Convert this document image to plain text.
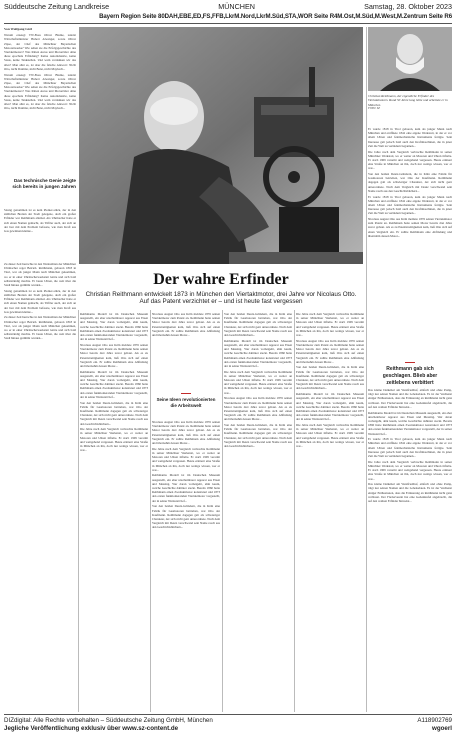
Süddeutsche Zeitung Landkreise	MÜNCHEN	Samstag, 28. Oktober 2023
Bayern Region Seite 80DAH,EBE,ED,FS,FFB,LkrM.Nord,LkrM.Süd,STA,WOR Seite R4M.Ost,M.Süd,M.West,M.Zentrum Seite R6

Von Wolfgang Görl

Warum erzeugt VW-Boss Oliver Blume, zuletzt Wirtschaftsminister Hubert Aiwanger, sowie Oliver Zipse, der Chef des Münchner Bayerischen Motorenwerke? Wie sehen sie die Erfolgsgeschichte des Viertaktmotors? Was hätten Autos und Motorräder ohne diese epochale Erfindung? Keine Autoindustrie, keine Staus, keine Tankstellen. Und wem verdanken wir das alles? Man ahnt es, ist aber die falsche Antwort: Nicht Otto, nicht Daimler, nicht Benz, nicht Maybach...

Warum erzeugt VW-Boss Oliver Blume, zuletzt Wirtschaftsminister Hubert Aiwanger, sowie Oliver Zipse, der Chef des Münchner Bayerischen Motorenwerke? Wie sehen sie die Erfolgsgeschichte des Viertaktmotors? Was hätten Autos und Motorräder ohne diese epochale Erfindung? Keine Autoindustrie, keine Staus, keine Tankstellen. Und wem verdanken wir das alles? Man ahnt es, ist aber die falsche Antwort: Nicht Otto, nicht Daimler, nicht Benz, nicht Maybach...

Das technische Genie zeigte sich bereits in jungen Jahren

Streng genommen ist es kein Pionier-stück, der in den südlichen Breiten der Stadt gelegene, doch ein großer Erfinder war Reithmann allemal. Als Uhrmacher hatte er sich einen Namen gemacht, als Tüftler auch, der sich an der Isar mit dem Problem befasste, wie man Kraft aus Gas gewinnen könnte...

Zu dieser Zeit herrschte in den Werkstätten der Münchner Uhrmacher reger Betrieb. Reithmann, geboren 1818 in Tirol, war als junger Mann nach München gekommen, wo er in einer Uhrmacherwerkstatt lernte und sich bald selbstständig machte. Er baute Uhren, die weit über die Stadt hinaus gerühmt wurden...

Streng genommen ist es kein Pionier-stück, der in den südlichen Breiten der Stadt gelegene, doch ein großer Erfinder war Reithmann allemal. Als Uhrmacher hatte er sich einen Namen gemacht, als Tüftler auch, der sich an der Isar mit dem Problem befasste, wie man Kraft aus Gas gewinnen könnte...

Zu dieser Zeit herrschte in den Werkstätten der Münchner Uhrmacher reger Betrieb. Reithmann, geboren 1818 in Tirol, war als junger Mann nach München gekommen, wo er in einer Uhrmacherwerkstatt lernte und sich bald selbstständig machte. Er baute Uhren, die weit über die Stadt hinaus gerühmt wurden...

Der wahre Erfinder
Christian Reithmann entwickelt 1873 in München den Viertaktmotor, drei Jahre vor Nicolaus Otto.
Auf das Patent verzichtet er – und ist heute fast vergessen

Reithmanns Modell ist im Deutschen Museum ausgestellt, ein eher unscheinbarer Apparat aus Eisen und Messing. Wer daran vorbeigeht, ahnt kaum, welche Geschichte dahinter steckt. Bereits 1860 hatte Reithmann einen Zweitaktmotor konstruiert und 1873 den ersten funktionierenden Viertaktmotor vorgestellt, der in seiner Werkstatt lief...

Nicolaus August Otto aus Köln meldete 1876 seinen Viertaktmotor zum Patent an. Reithmann hatte seinen Motor bereits drei Jahre zuvor gebaut. Als es zu Patentstreitigkeiten kam, ließ Otto sich auf einen Vergleich ein. Er zahlte Reithmann eine Abfindung und übernahm dessen Motor...

Reithmanns Modell ist im Deutschen Museum ausgestellt, ein eher unscheinbarer Apparat aus Eisen und Messing. Wer daran vorbeigeht, ahnt kaum, welche Geschichte dahinter steckt. Bereits 1860 hatte Reithmann einen Zweitaktmotor konstruiert und 1873 den ersten funktionierenden Viertaktmotor vorgestellt, der in seiner Werkstatt lief...

Von den beiden Deutz-Gründern, die in Köln eine Fabrik für Gasmotoren betrieben, war Otto der Kaufmann. Reithmann dagegen galt als schwieriger Charakter, der sich nicht gern unterordnete. Nach dem Vergleich mit Deutz verschwand sein Name rasch aus den Geschichtsbüchern...

Die Jahre nach dem Vergleich verbrachte Reithmann in seiner Münchner Werkstatt, wo er weiter an Motoren und Uhren tüftelte. Er starb 1909 verarmt und weitgehend vergessen. Heute erinnert eine Straße in München an ihn, doch nur wenige wissen, wer er war...

Nicolaus August Otto aus Köln meldete 1876 seinen Viertaktmotor zum Patent an. Reithmann hatte seinen Motor bereits drei Jahre zuvor gebaut. Als es zu Patentstreitigkeiten kam, ließ Otto sich auf einen Vergleich ein. Er zahlte Reithmann eine Abfindung und übernahm dessen Motor...

Seine Ideen revolutionierten die Arbeitswelt

Nicolaus August Otto aus Köln meldete 1876 seinen Viertaktmotor zum Patent an. Reithmann hatte seinen Motor bereits drei Jahre zuvor gebaut. Als es zu Patentstreitigkeiten kam, ließ Otto sich auf einen Vergleich ein. Er zahlte Reithmann eine Abfindung und übernahm dessen Motor...

Die Jahre nach dem Vergleich verbrachte Reithmann in seiner Münchner Werkstatt, wo er weiter an Motoren und Uhren tüftelte. Er starb 1909 verarmt und weitgehend vergessen. Heute erinnert eine Straße in München an ihn, doch nur wenige wissen, wer er war...

Reithmanns Modell ist im Deutschen Museum ausgestellt, ein eher unscheinbarer Apparat aus Eisen und Messing. Wer daran vorbeigeht, ahnt kaum, welche Geschichte dahinter steckt. Bereits 1860 hatte Reithmann einen Zweitaktmotor konstruiert und 1873 den ersten funktionierenden Viertaktmotor vorgestellt, der in seiner Werkstatt lief...

Von den beiden Deutz-Gründern, die in Köln eine Fabrik für Gasmotoren betrieben, war Otto der Kaufmann. Reithmann dagegen galt als schwieriger Charakter, der sich nicht gern unterordnete. Nach dem Vergleich mit Deutz verschwand sein Name rasch aus den Geschichtsbüchern...

Von den beiden Deutz-Gründern, die in Köln eine Fabrik für Gasmotoren betrieben, war Otto der Kaufmann. Reithmann dagegen galt als schwieriger Charakter, der sich nicht gern unterordnete. Nach dem Vergleich mit Deutz verschwand sein Name rasch aus den Geschichtsbüchern...

Reithmanns Modell ist im Deutschen Museum ausgestellt, ein eher unscheinbarer Apparat aus Eisen und Messing. Wer daran vorbeigeht, ahnt kaum, welche Geschichte dahinter steckt. Bereits 1860 hatte Reithmann einen Zweitaktmotor konstruiert und 1873 den ersten funktionierenden Viertaktmotor vorgestellt, der in seiner Werkstatt lief...

Die Jahre nach dem Vergleich verbrachte Reithmann in seiner Münchner Werkstatt, wo er weiter an Motoren und Uhren tüftelte. Er starb 1909 verarmt und weitgehend vergessen. Heute erinnert eine Straße in München an ihn, doch nur wenige wissen, wer er war...

Nicolaus August Otto aus Köln meldete 1876 seinen Viertaktmotor zum Patent an. Reithmann hatte seinen Motor bereits drei Jahre zuvor gebaut. Als es zu Patentstreitigkeiten kam, ließ Otto sich auf einen Vergleich ein. Er zahlte Reithmann eine Abfindung und übernahm dessen Motor...

Von den beiden Deutz-Gründern, die in Köln eine Fabrik für Gasmotoren betrieben, war Otto der Kaufmann. Reithmann dagegen galt als schwieriger Charakter, der sich nicht gern unterordnete. Nach dem Vergleich mit Deutz verschwand sein Name rasch aus den Geschichtsbüchern...

Die Jahre nach dem Vergleich verbrachte Reithmann in seiner Münchner Werkstatt, wo er weiter an Motoren und Uhren tüftelte. Er starb 1909 verarmt und weitgehend vergessen. Heute erinnert eine Straße in München an ihn, doch nur wenige wissen, wer er war...

Nicolaus August Otto aus Köln meldete 1876 seinen Viertaktmotor zum Patent an. Reithmann hatte seinen Motor bereits drei Jahre zuvor gebaut. Als es zu Patentstreitigkeiten kam, ließ Otto sich auf einen Vergleich ein. Er zahlte Reithmann eine Abfindung und übernahm dessen Motor...

Von den beiden Deutz-Gründern, die in Köln eine Fabrik für Gasmotoren betrieben, war Otto der Kaufmann. Reithmann dagegen galt als schwieriger Charakter, der sich nicht gern unterordnete. Nach dem Vergleich mit Deutz verschwand sein Name rasch aus den Geschichtsbüchern...

Reithmanns Modell ist im Deutschen Museum ausgestellt, ein eher unscheinbarer Apparat aus Eisen und Messing. Wer daran vorbeigeht, ahnt kaum, welche Geschichte dahinter steckt. Bereits 1860 hatte Reithmann einen Zweitaktmotor konstruiert und 1873 den ersten funktionierenden Viertaktmotor vorgestellt, der in seiner Werkstatt lief...

Die Jahre nach dem Vergleich verbrachte Reithmann in seiner Münchner Werkstatt, wo er weiter an Motoren und Uhren tüftelte. Er starb 1909 verarmt und weitgehend vergessen. Heute erinnert eine Straße in München an ihn, doch nur wenige wissen, wer er war...

Christian Reithmann, der eigentliche Erfinder des Viertaktmotors. Rund 50 Jahre lang lebte und arbeitete er in München.

FOTO: SZ

Er wurde 1818 in Tirol geboren, kam als junger Mann nach München und eröffnete 1842 eine eigene Werkstatt, in der er vor allem Uhren und feinmechanische Instrumente fertigte. Sein Interesse galt jedoch bald auch den Kraftmaschinen, die in jener Zeit die Welt zu verändern begannen...

Die Jahre nach dem Vergleich verbrachte Reithmann in seiner Münchner Werkstatt, wo er weiter an Motoren und Uhren tüftelte. Er starb 1909 verarmt und weitgehend vergessen. Heute erinnert eine Straße in München an ihn, doch nur wenige wissen, wer er war...

Von den beiden Deutz-Gründern, die in Köln eine Fabrik für Gasmotoren betrieben, war Otto der Kaufmann. Reithmann dagegen galt als schwieriger Charakter, der sich nicht gern unterordnete. Nach dem Vergleich mit Deutz verschwand sein Name rasch aus den Geschichtsbüchern...

Er wurde 1818 in Tirol geboren, kam als junger Mann nach München und eröffnete 1842 eine eigene Werkstatt, in der er vor allem Uhren und feinmechanische Instrumente fertigte. Sein Interesse galt jedoch bald auch den Kraftmaschinen, die in jener Zeit die Welt zu verändern begannen...

Nicolaus August Otto aus Köln meldete 1876 seinen Viertaktmotor zum Patent an. Reithmann hatte seinen Motor bereits drei Jahre zuvor gebaut. Als es zu Patentstreitigkeiten kam, ließ Otto sich auf einen Vergleich ein. Er zahlte Reithmann eine Abfindung und übernahm dessen Motor...

Reithmann gab sich geschlagen. Blieb aber zeitlebens verbittert

Das kleine Denkmal am Westfriedhof, einfach und ohne Pomp, trägt nur seinen Namen und die Lebensdaten. Es ist der Verdienst einiger Enthusiasten, dass die Erinnerung an Reithmann nicht ganz verblasst. Der Förderverein hat eine Gedenktafel angebracht, die auf den wahren Erfinder hinweist...

Reithmanns Modell ist im Deutschen Museum ausgestellt, ein eher unscheinbarer Apparat aus Eisen und Messing. Wer daran vorbeigeht, ahnt kaum, welche Geschichte dahinter steckt. Bereits 1860 hatte Reithmann einen Zweitaktmotor konstruiert und 1873 den ersten funktionierenden Viertaktmotor vorgestellt, der in seiner Werkstatt lief...

Er wurde 1818 in Tirol geboren, kam als junger Mann nach München und eröffnete 1842 eine eigene Werkstatt, in der er vor allem Uhren und feinmechanische Instrumente fertigte. Sein Interesse galt jedoch bald auch den Kraftmaschinen, die in jener Zeit die Welt zu verändern begannen...

Die Jahre nach dem Vergleich verbrachte Reithmann in seiner Münchner Werkstatt, wo er weiter an Motoren und Uhren tüftelte. Er starb 1909 verarmt und weitgehend vergessen. Heute erinnert eine Straße in München an ihn, doch nur wenige wissen, wer er war...

Das kleine Denkmal am Westfriedhof, einfach und ohne Pomp, trägt nur seinen Namen und die Lebensdaten. Es ist der Verdienst einiger Enthusiasten, dass die Erinnerung an Reithmann nicht ganz verblasst. Der Förderverein hat eine Gedenktafel angebracht, die auf den wahren Erfinder hinweist...

DIZdigital: Alle Rechte vorbehalten – Süddeutsche Zeitung GmbH, München	A118902769
Jegliche Veröffentlichung exklusiv über www.sz-content.de	wgoerl
